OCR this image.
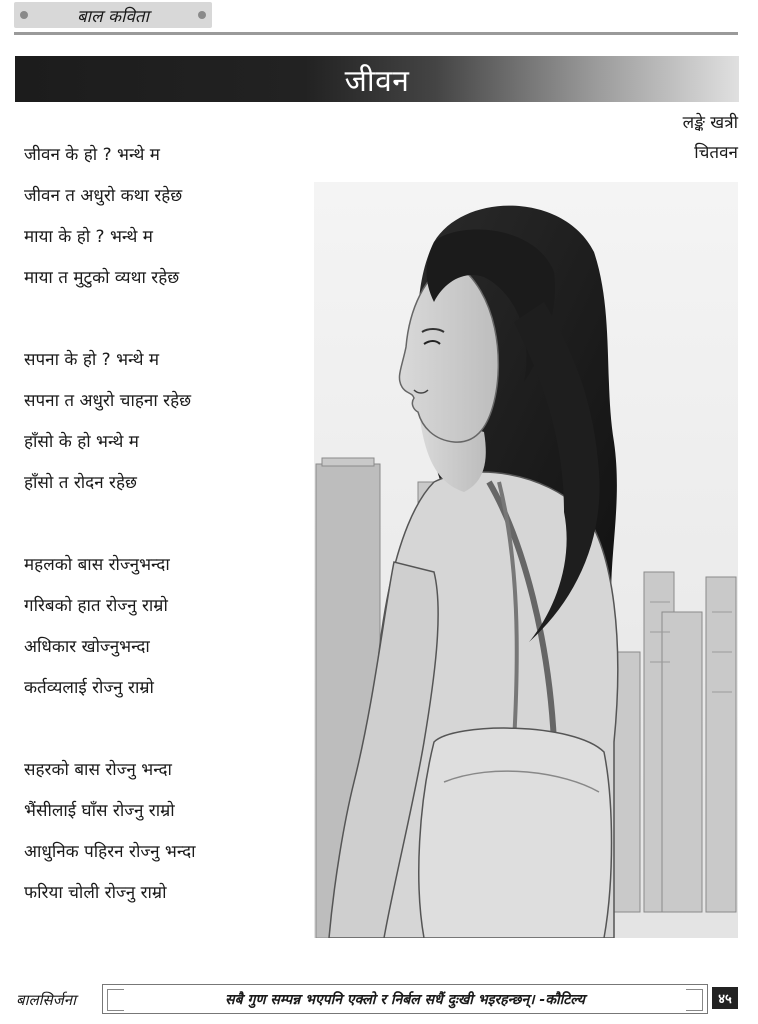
बाल कविता
जीवन
लङ्के खत्री
चितवन
जीवन के हो ? भन्थे म
जीवन त अधुरो कथा रहेछ
माया के हो ? भन्थे म
माया त मुटुको व्यथा रहेछ
सपना के हो ? भन्थे म
सपना त अधुरो चाहना रहेछ
हाँसो के हो भन्थे म
हाँसो त रोदन रहेछ
महलको बास रोज्नुभन्दा
गरिबको हात रोज्नु राम्रो
अधिकार खोज्नुभन्दा
कर्तव्यलाई रोज्नु राम्रो
सहरको बास रोज्नु भन्दा
भैंसीलाई घाँस रोज्नु राम्रो
आधुनिक पहिरन रोज्नु भन्दा
फरिया चोली रोज्नु राम्रो
बालसिर्जना	सबै गुण सम्पन्न भएपनि एक्लो र निर्बल सधैं दुःखी भइरहन्छन्। -कौटिल्य	४५
